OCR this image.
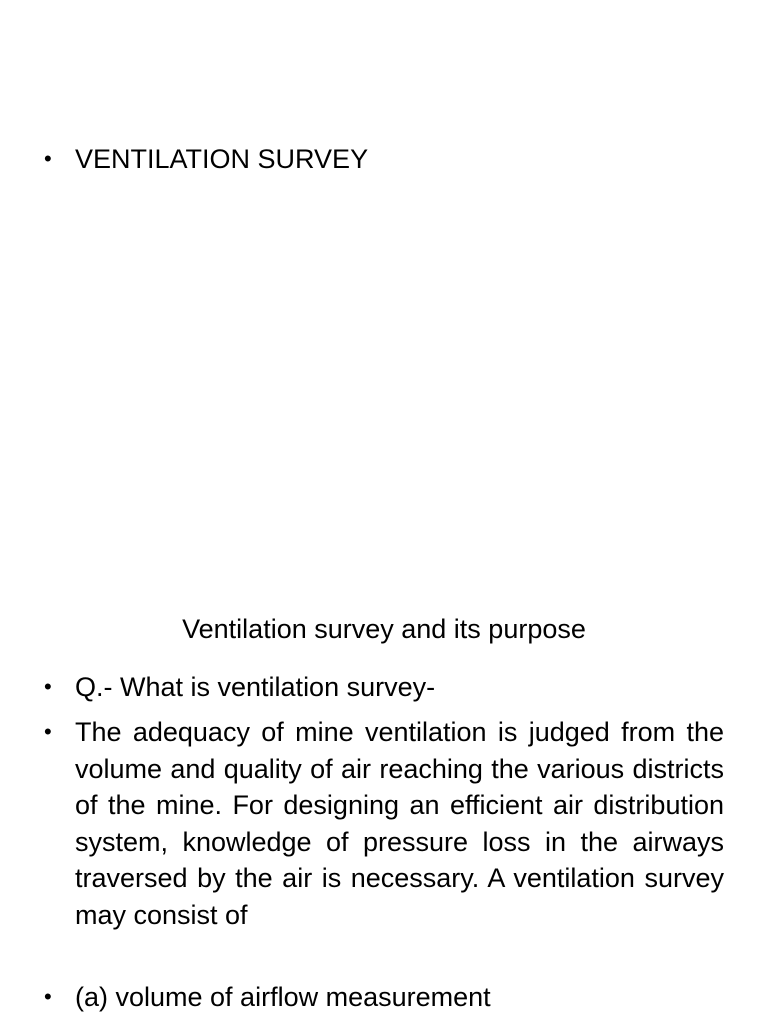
• VENTILATION SURVEY
Ventilation survey and its purpose
• Q.- What is ventilation survey-
• The adequacy of mine ventilation is judged from the volume and quality of air reaching the various districts of the mine. For designing an efficient air distribution system, knowledge of pressure loss in the airways traversed by the air is necessary. A ventilation survey may consist of
• (a) volume of airflow measurement
